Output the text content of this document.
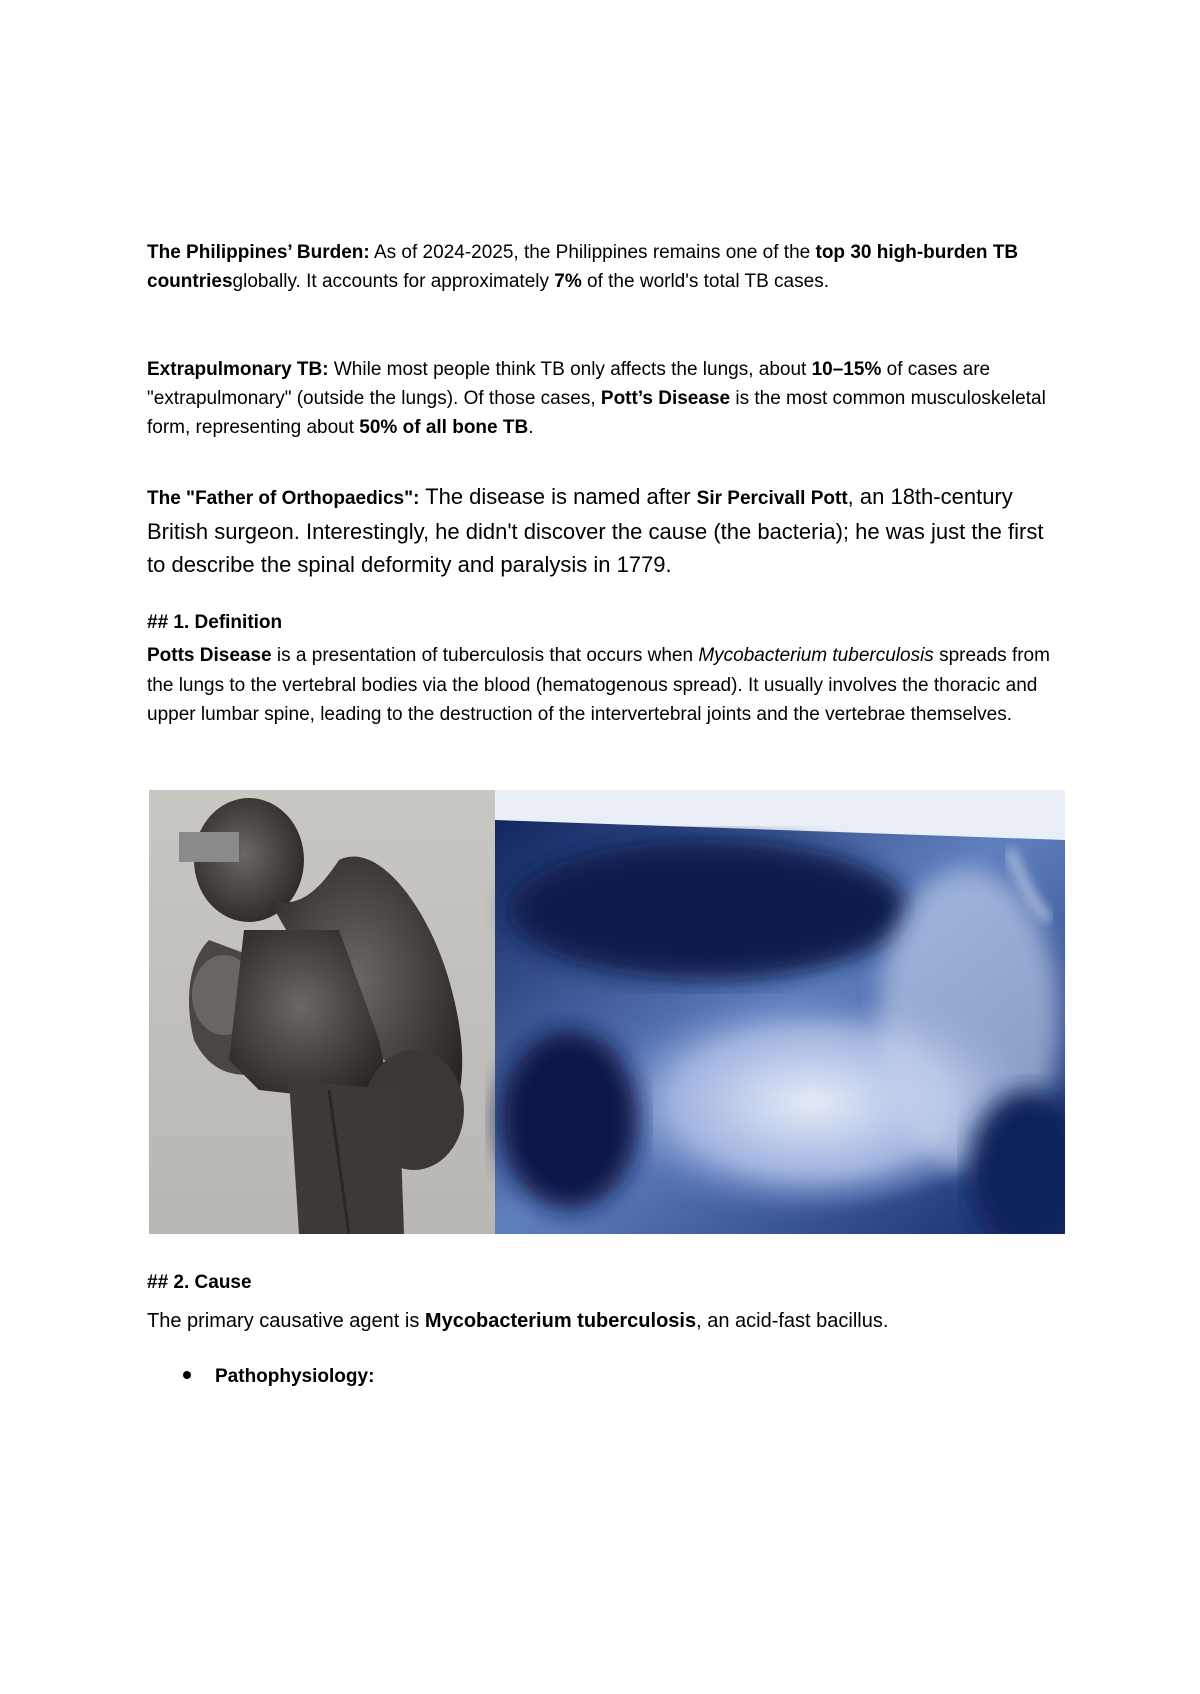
The Philippines’ Burden: As of 2024-2025, the Philippines remains one of the top 30 high-burden TB countriesglobally. It accounts for approximately 7% of the world's total TB cases.

Extrapulmonary TB: While most people think TB only affects the lungs, about 10–15% of cases are "extrapulmonary" (outside the lungs). Of those cases, Pott’s Disease is the most common musculoskeletal form, representing about 50% of all bone TB.

The "Father of Orthopaedics": The disease is named after Sir Percivall Pott, an 18th-century British surgeon. Interestingly, he didn't discover the cause (the bacteria); he was just the first to describe the spinal deformity and paralysis in 1779.

## 1. Definition

Potts Disease is a presentation of tuberculosis that occurs when Mycobacterium tuberculosis spreads from the lungs to the vertebral bodies via the blood (hematogenous spread). It usually involves the thoracic and upper lumbar spine, leading to the destruction of the intervertebral joints and the vertebrae themselves.

## 2. Cause

The primary causative agent is Mycobacterium tuberculosis, an acid-fast bacillus.

Pathophysiology:
